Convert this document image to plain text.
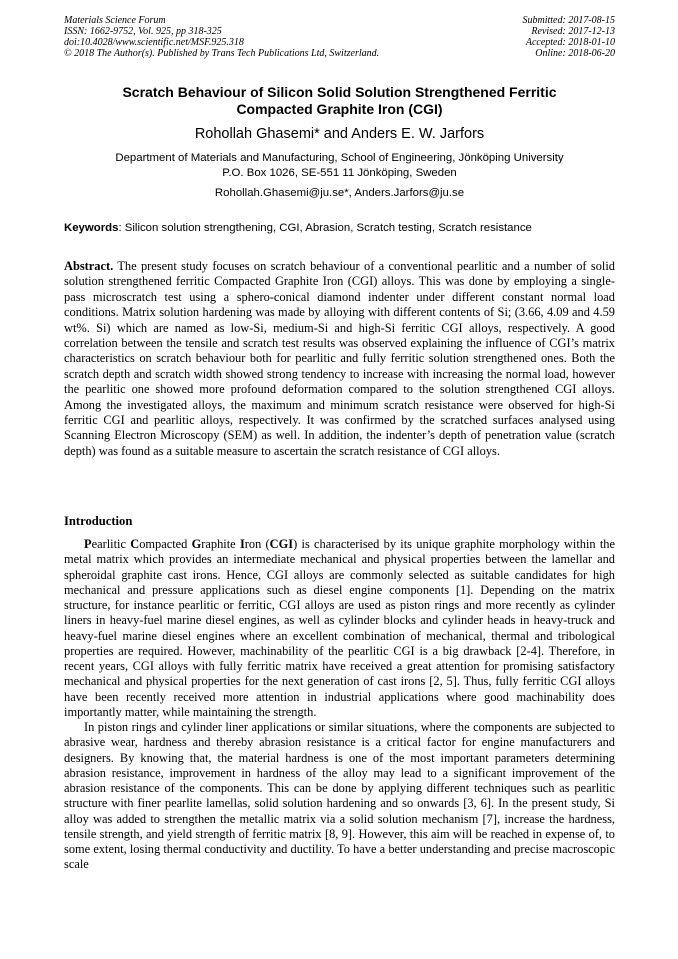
Materials Science Forum
ISSN: 1662-9752, Vol. 925, pp 318-325
doi:10.4028/www.scientific.net/MSF.925.318
© 2018 The Author(s). Published by Trans Tech Publications Ltd, Switzerland.
Submitted: 2017-08-15
Revised: 2017-12-13
Accepted: 2018-01-10
Online: 2018-06-20
Scratch Behaviour of Silicon Solid Solution Strengthened Ferritic
Compacted Graphite Iron (CGI)
Rohollah Ghasemi* and Anders E. W. Jarfors
Department of Materials and Manufacturing, School of Engineering, Jönköping University
P.O. Box 1026, SE-551 11 Jönköping, Sweden
Rohollah.Ghasemi@ju.se*, Anders.Jarfors@ju.se
Keywords: Silicon solution strengthening, CGI, Abrasion, Scratch testing, Scratch resistance
Abstract. The present study focuses on scratch behaviour of a conventional pearlitic and a number of solid solution strengthened ferritic Compacted Graphite Iron (CGI) alloys. This was done by employing a single-pass microscratch test using a sphero-conical diamond indenter under different constant normal load conditions. Matrix solution hardening was made by alloying with different contents of Si; (3.66, 4.09 and 4.59 wt%. Si) which are named as low-Si, medium-Si and high-Si ferritic CGI alloys, respectively. A good correlation between the tensile and scratch test results was observed explaining the influence of CGI’s matrix characteristics on scratch behaviour both for pearlitic and fully ferritic solution strengthened ones. Both the scratch depth and scratch width showed strong tendency to increase with increasing the normal load, however the pearlitic one showed more profound deformation compared to the solution strengthened CGI alloys. Among the investigated alloys, the maximum and minimum scratch resistance were observed for high-Si ferritic CGI and pearlitic alloys, respectively. It was confirmed by the scratched surfaces analysed using Scanning Electron Microscopy (SEM) as well. In addition, the indenter’s depth of penetration value (scratch depth) was found as a suitable measure to ascertain the scratch resistance of CGI alloys.
Introduction

Pearlitic Compacted Graphite Iron (CGI) is characterised by its unique graphite morphology within the metal matrix which provides an intermediate mechanical and physical properties between the lamellar and spheroidal graphite cast irons. Hence, CGI alloys are commonly selected as suitable candidates for high mechanical and pressure applications such as diesel engine components [1]. Depending on the matrix structure, for instance pearlitic or ferritic, CGI alloys are used as piston rings and more recently as cylinder liners in heavy-fuel marine diesel engines, as well as cylinder blocks and cylinder heads in heavy-truck and heavy-fuel marine diesel engines where an excellent combination of mechanical, thermal and tribological properties are required. However, machinability of the pearlitic CGI is a big drawback [2-4]. Therefore, in recent years, CGI alloys with fully ferritic matrix have received a great attention for promising satisfactory mechanical and physical properties for the next generation of cast irons [2, 5]. Thus, fully ferritic CGI alloys have been recently received more attention in industrial applications where good machinability does importantly matter, while maintaining the strength.

In piston rings and cylinder liner applications or similar situations, where the components are subjected to abrasive wear, hardness and thereby abrasion resistance is a critical factor for engine manufacturers and designers. By knowing that, the material hardness is one of the most important parameters determining abrasion resistance, improvement in hardness of the alloy may lead to a significant improvement of the abrasion resistance of the components. This can be done by applying different techniques such as pearlitic structure with finer pearlite lamellas, solid solution hardening and so onwards [3, 6]. In the present study, Si alloy was added to strengthen the metallic matrix via a solid solution mechanism [7], increase the hardness, tensile strength, and yield strength of ferritic matrix [8, 9]. However, this aim will be reached in expense of, to some extent, losing thermal conductivity and ductility. To have a better understanding and precise macroscopic scale
